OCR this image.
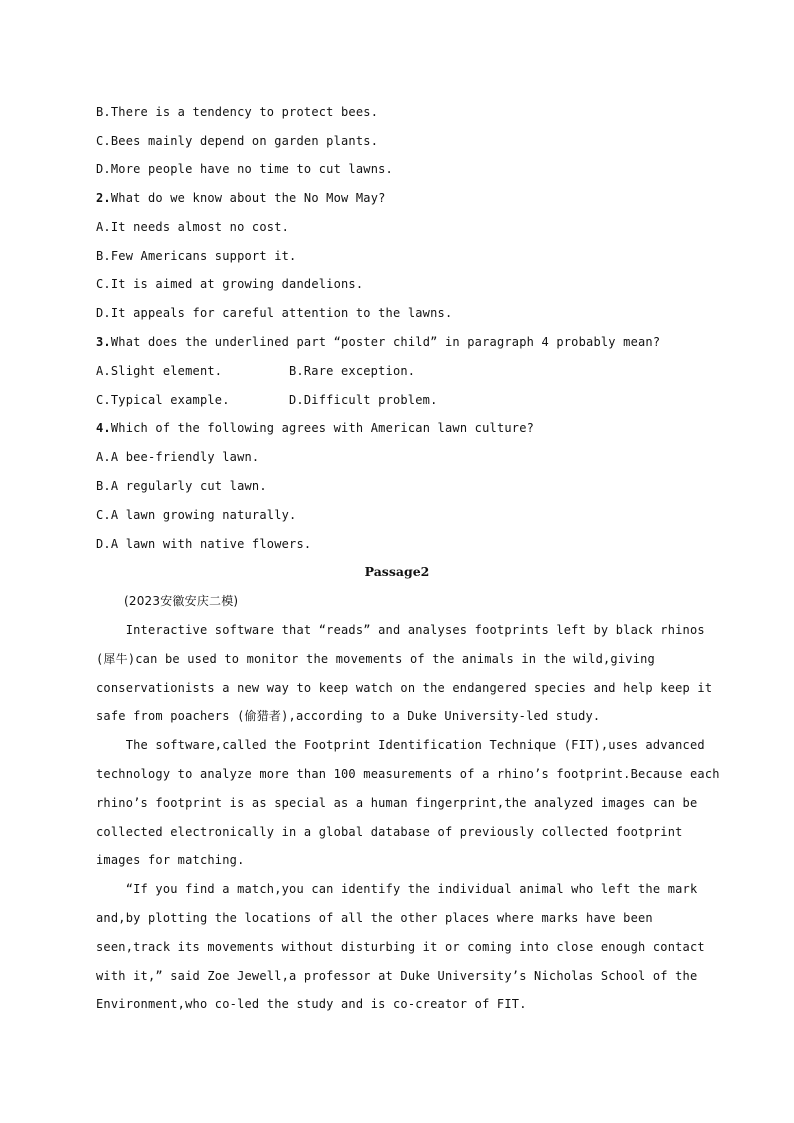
B.There is a tendency to protect bees.
C.Bees mainly depend on garden plants.
D.More people have no time to cut lawns.
2.What do we know about the No Mow May?
A.It needs almost no cost.
B.Few Americans support it.
C.It is aimed at growing dandelions.
D.It appeals for careful attention to the lawns.
3.What does the underlined part “poster child” in paragraph 4 probably mean?
A.Slight element.	B.Rare exception.
C.Typical example.	D.Difficult problem.
4.Which of the following agrees with American lawn culture?
A.A bee-friendly lawn.
B.A regularly cut lawn.
C.A lawn growing naturally.
D.A lawn with native flowers.
Passage2
(2023安徽安庆二模)
Interactive software that “reads” and analyses footprints left by black rhinos
(犀牛)can be used to monitor the movements of the animals in the wild,giving
conservationists a new way to keep watch on the endangered species and help keep it
safe from poachers (偷猎者),according to a Duke University-led study.
The software,called the Footprint Identification Technique (FIT),uses advanced
technology to analyze more than 100 measurements of a rhino’s footprint.Because each
rhino’s footprint is as special as a human fingerprint,the analyzed images can be
collected electronically in a global database of previously collected footprint
images for matching.
“If you find a match,you can identify the individual animal who left the mark
and,by plotting the locations of all the other places where marks have been
seen,track its movements without disturbing it or coming into close enough contact
with it,” said Zoe Jewell,a professor at Duke University’s Nicholas School of the
Environment,who co-led the study and is co-creator of FIT.
